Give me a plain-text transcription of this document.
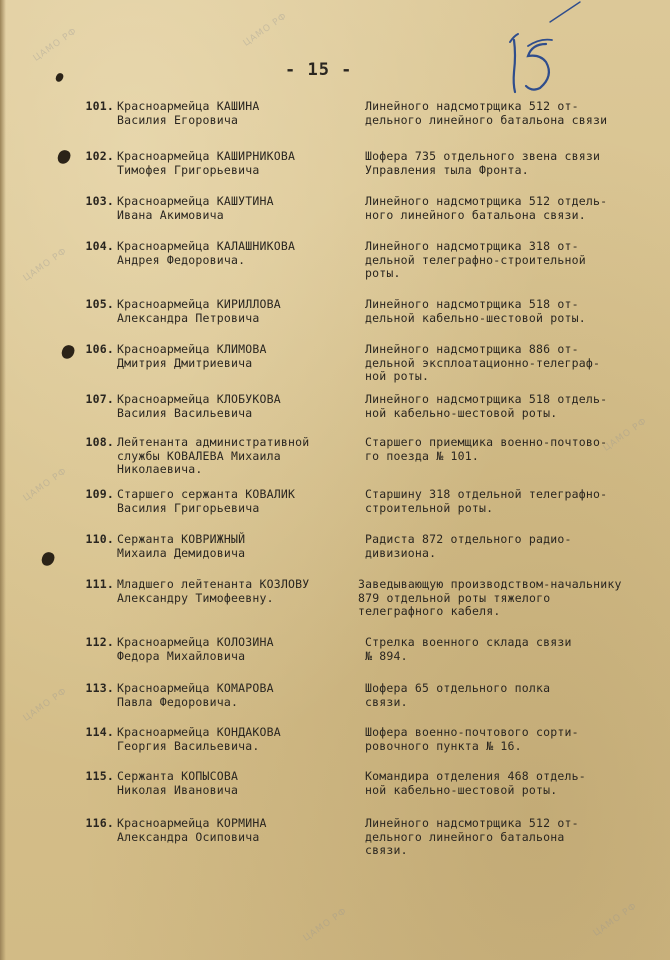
ЦАМО РФ	ЦАМО РФ
ЦАМО РФ
ЦАМО РФ
ЦАМО РФ
ЦАМО РФ
ЦАМО РФ	ЦАМО РФ
- 15 -
101. Красноармейца КАШИНА
Василия Егоровича
Линейного надсмотрщика 512 от-
дельного линейного батальона связи
102. Красноармейца КАШИРНИКОВА
Тимофея Григорьевича
Шофера 735 отдельного звена связи
Управления тыла Фронта.
103. Красноармейца КАШУТИНА
Ивана Акимовича
Линейного надсмотрщика 512 отдель-
ного линейного батальона связи.
104. Красноармейца КАЛАШНИКОВА
Андрея Федоровича.
Линейного надсмотрщика 318 от-
дельной телеграфно-строительной
роты.
105. Красноармейца КИРИЛЛОВА
Александра Петровича
Линейного надсмотрщика 518 от-
дельной кабельно-шестовой роты.
106. Красноармейца КЛИМОВА
Дмитрия Дмитриевича
Линейного надсмотрщика 886 от-
дельной эксплоатационно-телеграф-
ной роты.
107. Красноармейца КЛОБУКОВА
Василия Васильевича
Линейного надсмотрщика 518 отдель-
ной кабельно-шестовой роты.
108. Лейтенанта административной
службы КОВАЛЕВА Михаила
Николаевича.
Старшего приемщика военно-почтово-
го поезда № 101.
109. Старшего сержанта КОВАЛИК
Василия Григорьевича
Старшину 318 отдельной телеграфно-
строительной роты.
110. Сержанта КОВРИЖНЫЙ
Михаила Демидовича
Радиста 872 отдельного радио-
дивизиона.
111. Младшего лейтенанта КОЗЛОВУ
Александру Тимофеевну.
Заведывающую производством-начальнику
879 отдельной роты тяжелого
телеграфного кабеля.
112. Красноармейца КОЛОЗИНА
Федора Михайловича
Стрелка военного склада связи
№ 894.
113. Красноармейца КОМАРОВА
Павла Федоровича.
Шофера 65 отдельного полка
связи.
114. Красноармейца КОНДАКОВА
Георгия Васильевича.
Шофера военно-почтового сорти-
ровочного пункта № 16.
115. Сержанта КОПЫСОВА
Николая Ивановича
Командира отделения 468 отдель-
ной кабельно-шестовой роты.
116. Красноармейца КОРМИНА
Александра Осиповича
Линейного надсмотрщика 512 от-
дельного линейного батальона
связи.
